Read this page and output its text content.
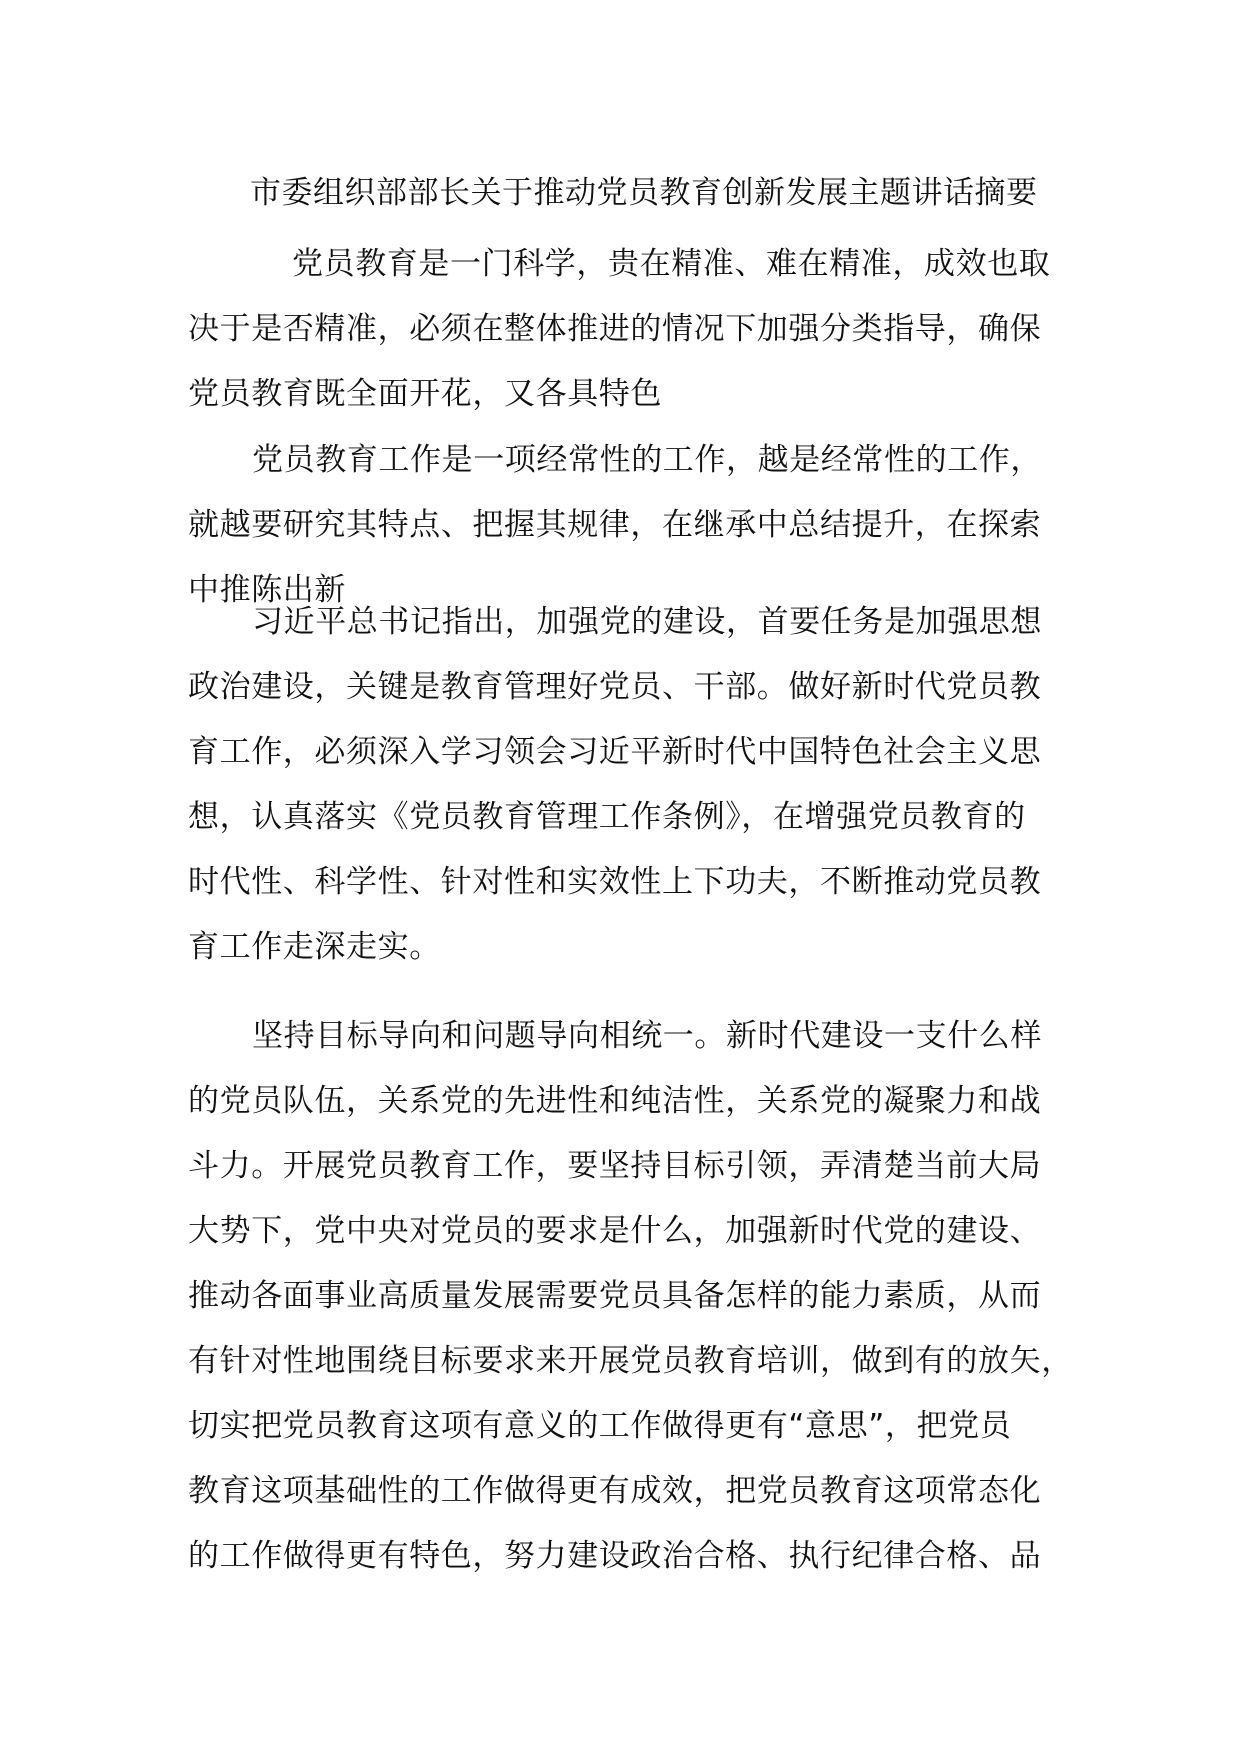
市委组织部部长关于推动党员教育创新发展主题讲话摘要
党员教育是一门科学，贵在精准、难在精准，成效也取
决于是否精准，必须在整体推进的情况下加强分类指导，确保
党员教育既全面开花，又各具特色
党员教育工作是一项经常性的工作，越是经常性的工作，
就越要研究其特点、把握其规律，在继承中总结提升，在探索
中推陈出新
习近平总书记指出，加强党的建设，首要任务是加强思想
政治建设，关键是教育管理好党员、干部。做好新时代党员教
育工作，必须深入学习领会习近平新时代中国特色社会主义思
想，认真落实《党员教育管理工作条例》，在增强党员教育的
时代性、科学性、针对性和实效性上下功夫，不断推动党员教
育工作走深走实。
坚持目标导向和问题导向相统一。新时代建设一支什么样
的党员队伍，关系党的先进性和纯洁性，关系党的凝聚力和战
斗力。开展党员教育工作，要坚持目标引领，弄清楚当前大局
大势下，党中央对党员的要求是什么，加强新时代党的建设、
推动各面事业高质量发展需要党员具备怎样的能力素质，从而
有针对性地围绕目标要求来开展党员教育培训，做到有的放矢，
切实把党员教育这项有意义的工作做得更有“意思”，把党员
教育这项基础性的工作做得更有成效，把党员教育这项常态化
的工作做得更有特色，努力建设政治合格、执行纪律合格、品
